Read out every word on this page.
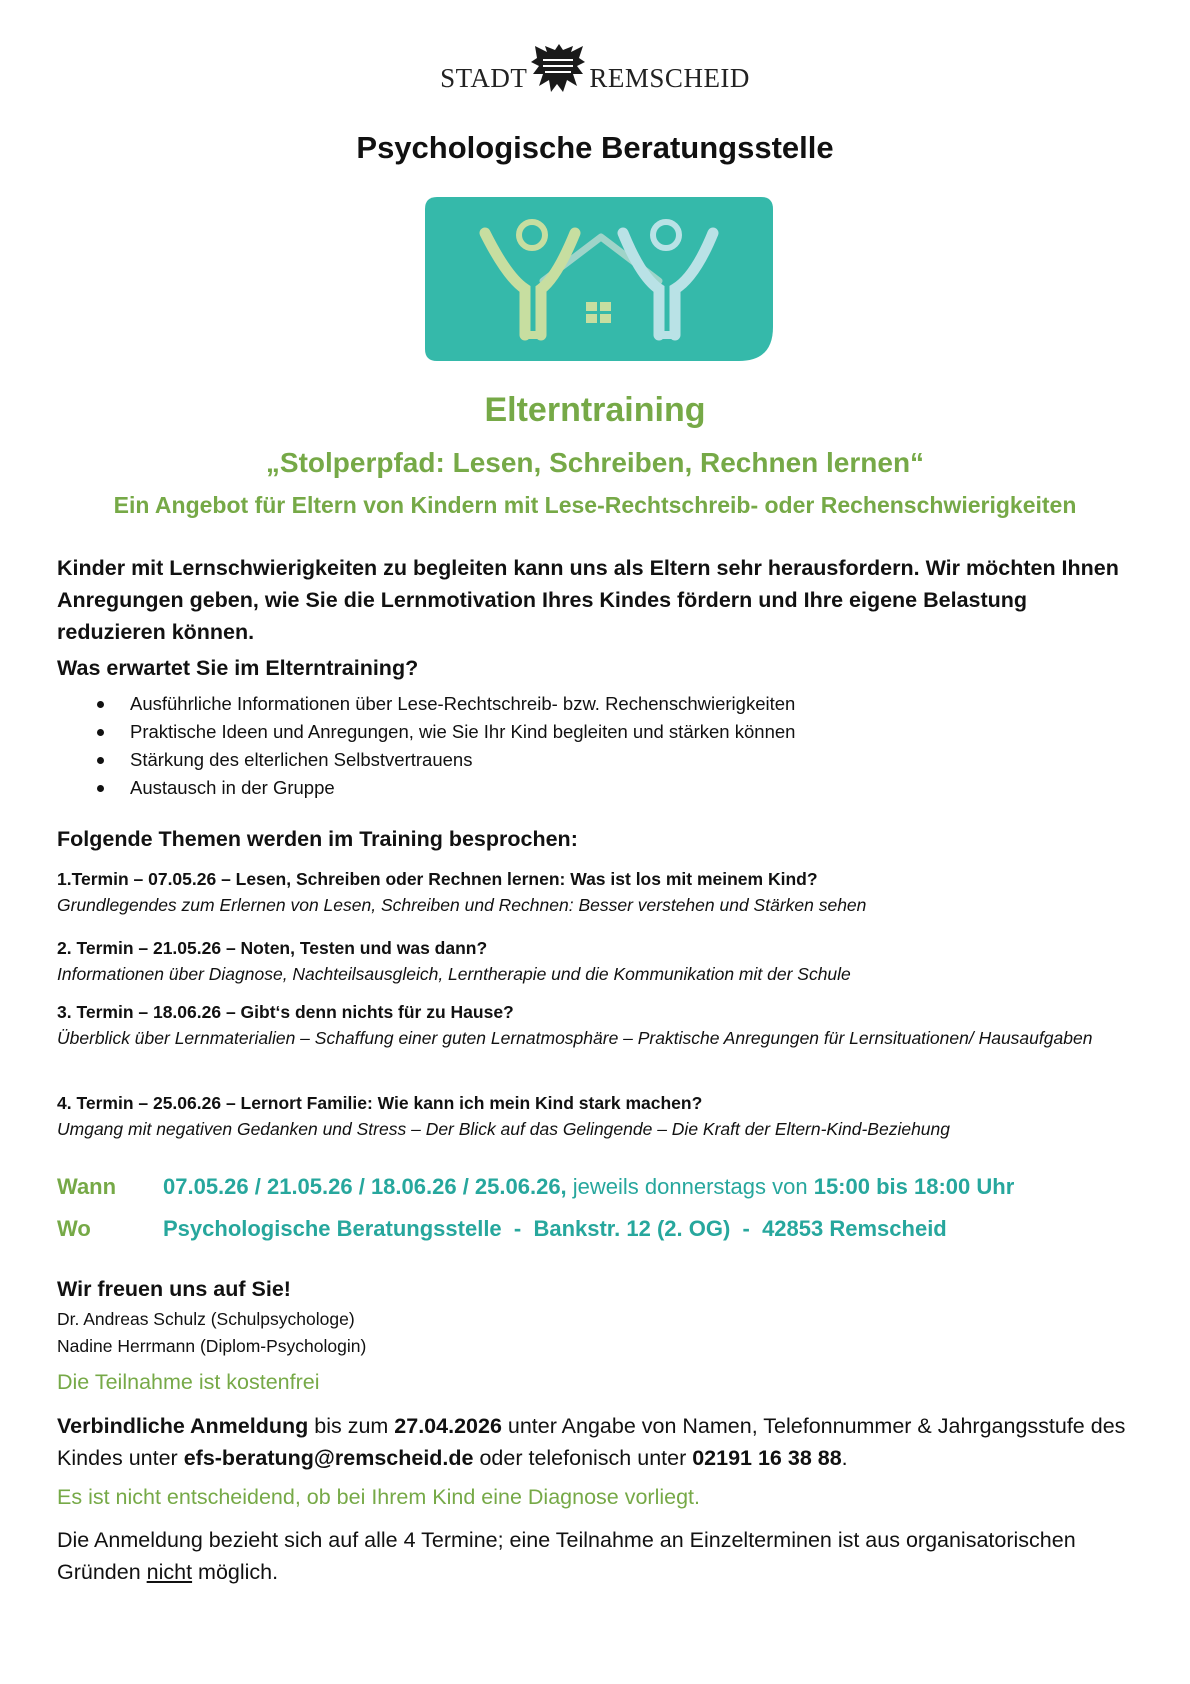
STADT REMSCHEID
Psychologische Beratungsstelle
Elterntraining
„Stolperpfad: Lesen, Schreiben, Rechnen lernen“
Ein Angebot für Eltern von Kindern mit Lese-Rechtschreib- oder Rechenschwierigkeiten
Kinder mit Lernschwierigkeiten zu begleiten kann uns als Eltern sehr herausfordern. Wir möchten Ihnen Anregungen geben, wie Sie die Lernmotivation Ihres Kindes fördern und Ihre eigene Belastung reduzieren können.
Was erwartet Sie im Elterntraining?
Ausführliche Informationen über Lese-Rechtschreib- bzw. Rechenschwierigkeiten
Praktische Ideen und Anregungen, wie Sie Ihr Kind begleiten und stärken können
Stärkung des elterlichen Selbstvertrauens
Austausch in der Gruppe
Folgende Themen werden im Training besprochen:
1.Termin – 07.05.26 – Lesen, Schreiben oder Rechnen lernen: Was ist los mit meinem Kind?
Grundlegendes zum Erlernen von Lesen, Schreiben und Rechnen: Besser verstehen und Stärken sehen
2. Termin – 21.05.26 – Noten, Testen und was dann?
Informationen über Diagnose, Nachteilsausgleich, Lerntherapie und die Kommunikation mit der Schule
3. Termin – 18.06.26 – Gibt‘s denn nichts für zu Hause?
Überblick über Lernmaterialien – Schaffung einer guten Lernatmosphäre – Praktische Anregungen für Lernsituationen/ Hausaufgaben
4. Termin – 25.06.26 – Lernort Familie: Wie kann ich mein Kind stark machen?
Umgang mit negativen Gedanken und Stress – Der Blick auf das Gelingende – Die Kraft der Eltern-Kind-Beziehung
Wann 07.05.26 / 21.05.26 / 18.06.26 / 25.06.26, jeweils donnerstags von 15:00 bis 18:00 Uhr
Wo	Psychologische Beratungsstelle  -  Bankstr. 12 (2. OG)  -  42853 Remscheid
Wir freuen uns auf Sie!
Dr. Andreas Schulz (Schulpsychologe)
Nadine Herrmann (Diplom-Psychologin)
Die Teilnahme ist kostenfrei
Verbindliche Anmeldung bis zum 27.04.2026 unter Angabe von Namen, Telefonnummer & Jahrgangsstufe des Kindes unter efs-beratung@remscheid.de oder telefonisch unter 02191 16 38 88.
Es ist nicht entscheidend, ob bei Ihrem Kind eine Diagnose vorliegt.
Die Anmeldung bezieht sich auf alle 4 Termine; eine Teilnahme an Einzelterminen ist aus organisatorischen Gründen nicht möglich.
